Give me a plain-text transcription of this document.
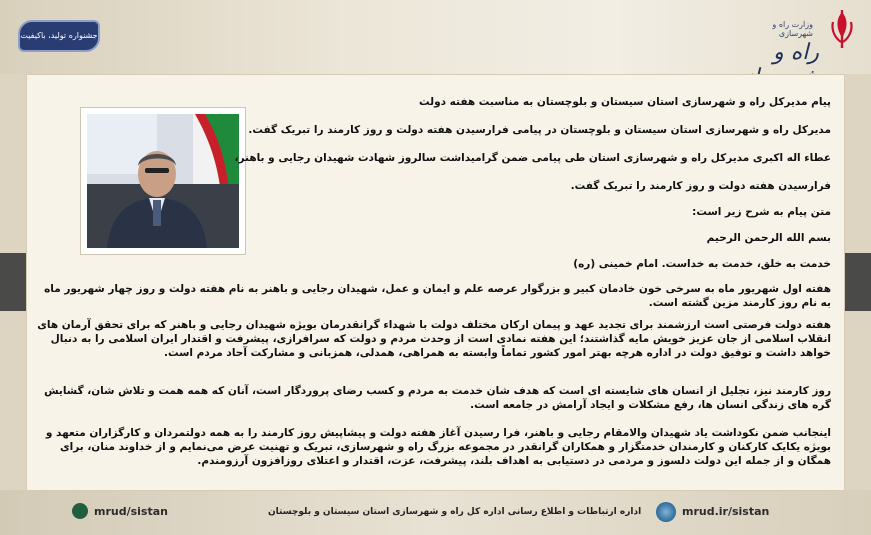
جشنواره تولید، باکیفیت
وزارت راه و شهرسازی
راه و
پیام مدیرکل راه و شهرسازی استان سیستان و بلوچستان به مناسبت هفته دولت
مدیرکل راه و شهرسازی استان سیستان و بلوچستان در پیامی فرارسیدن هفته دولت و روز کارمند را تبریک گفت.
عطاء اله اکبری مدیرکل راه و شهرسازی استان طی پیامی ضمن گرامیداشت سالروز شهادت شهیدان رجایی و باهنر،
فرارسیدن هفته دولت و روز کارمند را تبریک گفت.
متن پیام به شرح زیر است:
بسم الله الرحمن الرحیم
خدمت به خلق، خدمت به خداست. امام خمینی (ره)
هفته اول شهریور ماه به سرخی خون خادمان کبیر و بزرگوار عرصه علم و ایمان و عمل، شهیدان رجایی و باهنر به نام هفته دولت و روز چهار شهریور ماه به نام روز کارمند مزین گشته است.
هفته دولت فرصتی است ارزشمند برای تجدید عهد و پیمان ارکان مختلف دولت با شهداء گرانقدرمان بویژه شهیدان رجایی و باهنر که برای تحقق آرمان های انقلاب اسلامی از جان عزیز خویش مایه گذاشتند؛ این هفته نمادی است از وحدت مردم و دولت که سرافرازی، پیشرفت و اقتدار ایران اسلامی را به دنبال خواهد داشت و توفیق دولت در اداره هرچه بهتر امور کشور تماماً وابسته به همراهی، همدلی، همزبانی و مشارکت آحاد مردم است.
روز کارمند نیز، تجلیل از انسان های شایسته ای است که هدف شان خدمت به مردم و کسب رضای پروردگار است، آنان که همه همت و تلاش شان، گشایش گره های زندگی انسان ها، رفع مشکلات و ایجاد آرامش در جامعه است.
اینجانب ضمن نکوداشت یاد شهیدان والامقام رجایی و باهنر، فرا رسیدن آغاز هفته دولت و پیشاپیش روز کارمند را به همه دولتمردان و کارگزاران متعهد و بویژه یکایک کارکنان و کارمندان خدمتگزار و همکاران گرانقدر در مجموعه بزرگ راه و شهرسازی، تبریک و تهنیت عرض می‌نمایم و از خداوند منان، برای همگان و از جمله این دولت دلسوز و مردمی در دستیابی به اهداف بلند، پیشرفت، عزت، اقتدار و اعتلای روزافزون آرزومندم.
mrud/sistan	اداره ارتباطات و اطلاع رسانی اداره کل راه و شهرسازی استان سیستان و بلوچستان	mrud.ir/sistan
